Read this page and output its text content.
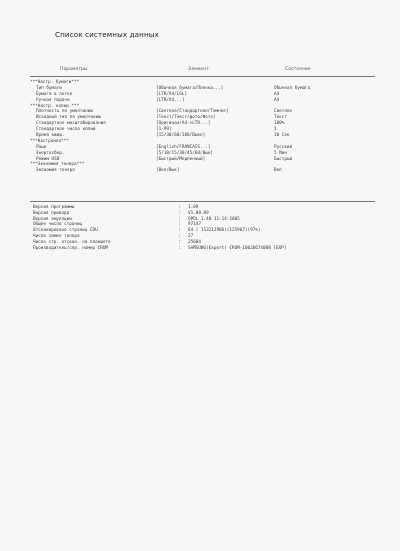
Список системных данных
Параметры	Элемент	Состояние
***Настр. бумаги***
Тип бумаги	[Обычная бумага/Пленка...]	Обычная бумага
Бумага в лотке	[LTR/A4/LGL]	A4
Ручная подача	[LTR/A4...]	A4
***Настр. копир.***
Плотность по умолчанию	[Светлое/Стандартное/Темное]	Светлое
Исходный тип по умолчанию	[Текст/Текст/фото/Фото]	Текст
Стандартное масштабирование	[Оригинал/A4->LTR...]	100%
Стандартное число копий	[1-99]	1
Время ожид.	[15/30/60/180/Выкл]	30 Сек
***Настройка***
Язык	[English/FRANCAIS...]	Русский
Энергосбер.	[5/10/15/30/45/60/Вык]	5 Мин
Режим USB	[Быстрый/Медленный]	Быстрый
***Экономия тонера***
Экономия тонера	[Вкл/Вык]	Вкл
Версия программы	: 1.09
Версия привода	: V1.00.09
Версия эмуляции	: QPDL 1.40 11-14-2005
Общее число страниц	: 97147
Отсканировано страниц CRU	: 64 ( 153212906)(125967)(97%)
Число замен тонера	: 27
Число стр. отскан. на планшете	: 25604
Производитель/сер. номер CRUM	: SAMSUNG(Export) CRUM-10020674008 [EXP]
